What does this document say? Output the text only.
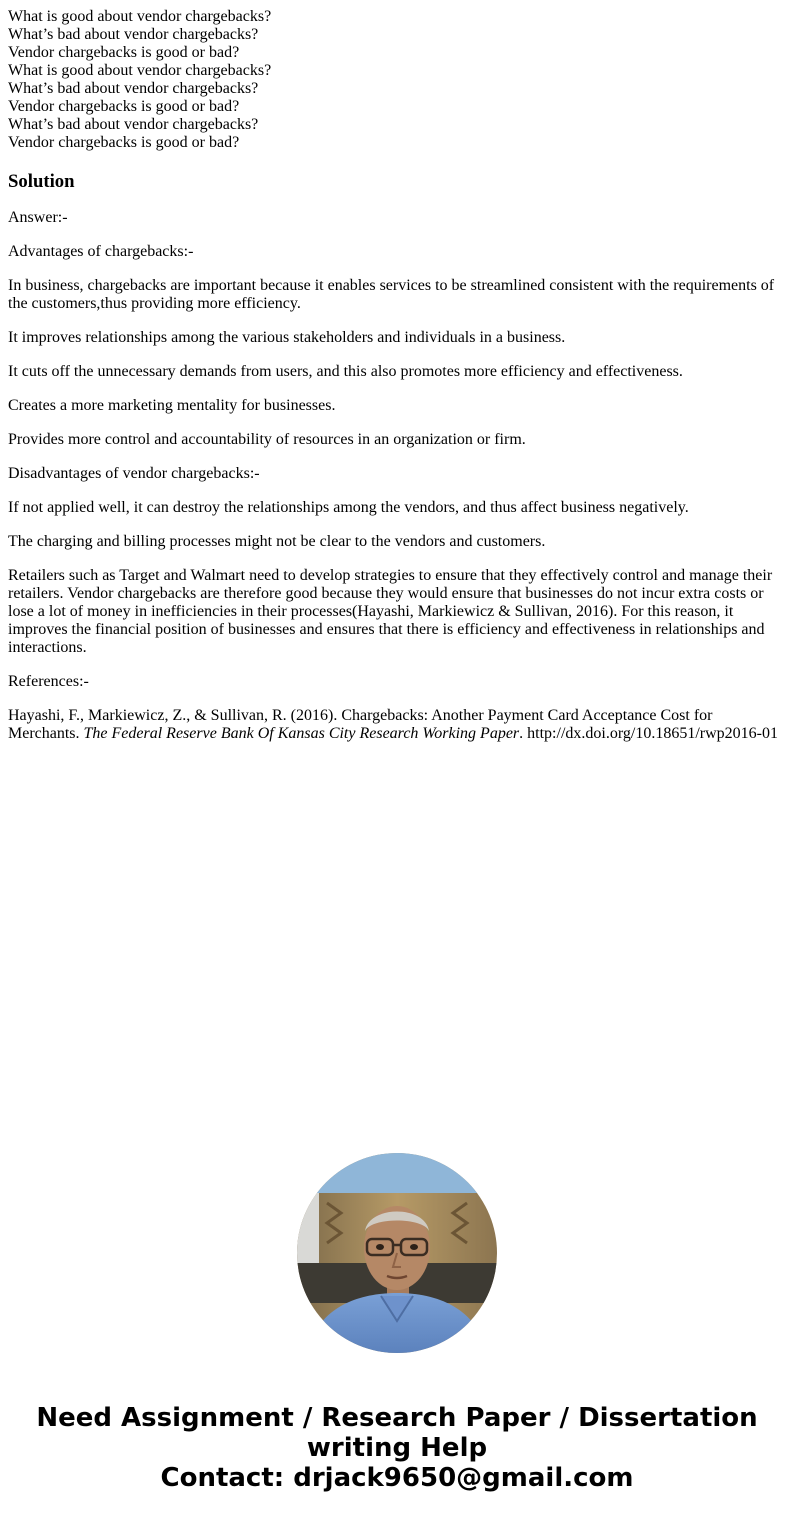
What is good about vendor chargebacks?
What’s bad about vendor chargebacks?
Vendor chargebacks is good or bad?
What is good about vendor chargebacks?
What’s bad about vendor chargebacks?
Vendor chargebacks is good or bad?
What’s bad about vendor chargebacks?
Vendor chargebacks is good or bad?
Solution

Answer:-

Advantages of chargebacks:-

In business, chargebacks are important because it enables services to be streamlined consistent with the requirements of the customers,thus providing more efficiency.

It improves relationships among the various stakeholders and individuals in a business.

It cuts off the unnecessary demands from users, and this also promotes more efficiency and effectiveness.

Creates a more marketing mentality for businesses.

Provides more control and accountability of resources in an organization or firm.

Disadvantages of vendor chargebacks:-

If not applied well, it can destroy the relationships among the vendors, and thus affect business negatively.

The charging and billing processes might not be clear to the vendors and customers.

Retailers such as Target and Walmart need to develop strategies to ensure that they effectively control and manage their retailers. Vendor chargebacks are therefore good because they would ensure that businesses do not incur extra costs or lose a lot of money in inefficiencies in their processes(Hayashi, Markiewicz & Sullivan, 2016). For this reason, it improves the financial position of businesses and ensures that there is efficiency and effectiveness in relationships and interactions.

References:-

Hayashi, F., Markiewicz, Z., & Sullivan, R. (2016). Chargebacks: Another Payment Card Acceptance Cost for Merchants. The Federal Reserve Bank Of Kansas City Research Working Paper. http://dx.doi.org/10.18651/rwp2016-01

Need Assignment / Research Paper / Dissertation
writing Help
Contact: drjack9650@gmail.com
